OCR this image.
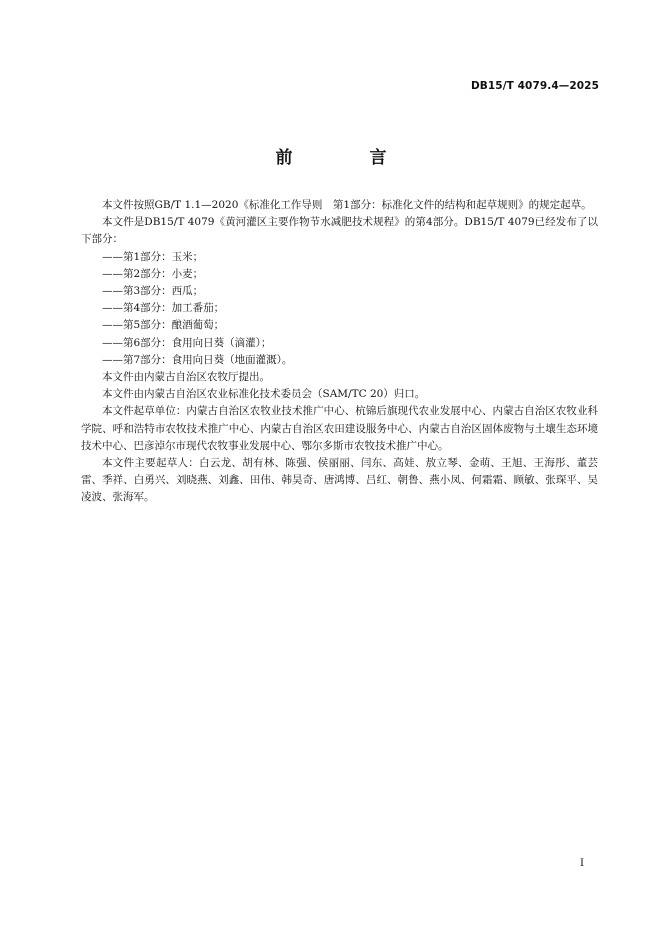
DB15/T 4079.4—2025
前　言

本文件按照GB/T 1.1—2020《标准化工作导则　第1部分：标准化文件的结构和起草规则》的规定起草。

本文件是DB15/T 4079《黄河灌区主要作物节水减肥技术规程》的第4部分。DB15/T 4079已经发布了以下部分：

——第1部分：玉米；

——第2部分：小麦；

——第3部分：西瓜；

——第4部分：加工番茄；

——第5部分：酿酒葡萄；

——第6部分：食用向日葵（滴灌）；

——第7部分：食用向日葵（地面灌溉）。

本文件由内蒙古自治区农牧厅提出。

本文件由内蒙古自治区农业标准化技术委员会（SAM/TC 20）归口。

本文件起草单位：内蒙古自治区农牧业技术推广中心、杭锦后旗现代农业发展中心、内蒙古自治区农牧业科学院、呼和浩特市农牧技术推广中心、内蒙古自治区农田建设服务中心、内蒙古自治区固体废物与土壤生态环境技术中心、巴彦淖尔市现代农牧事业发展中心、鄂尔多斯市农牧技术推广中心。

本文件主要起草人：白云龙、胡有林、陈强、侯丽丽、闫东、高娃、敖立琴、金萌、王旭、王海彤、董芸雷、季祥、白勇兴、刘晓燕、刘鑫、田伟、韩昊奇、唐鸿博、吕红、朝鲁、燕小凤、何霜霜、顾敏、张琛平、吴凌波、张海军。

I
